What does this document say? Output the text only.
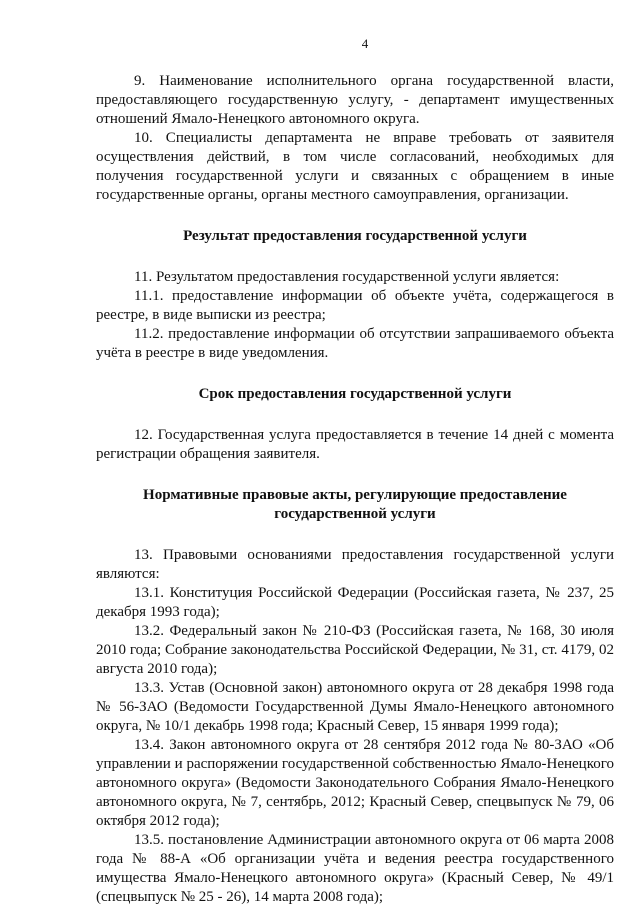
4

9. Наименование исполнительного органа государственной власти, предоставляющего государственную услугу, - департамент имущественных отношений Ямало-Ненецкого автономного округа.

10. Специалисты департамента не вправе требовать от заявителя осуществления действий, в том числе согласований, необходимых для получения государственной услуги и связанных с обращением в иные государственные органы, органы местного самоуправления, организации.

Результат предоставления государственной услуги

11. Результатом предоставления государственной услуги является:

11.1. предоставление информации об объекте учёта, содержащегося в реестре, в виде выписки из реестра;

11.2. предоставление информации об отсутствии запрашиваемого объекта учёта в реестре в виде уведомления.

Срок предоставления государственной услуги

12. Государственная услуга предоставляется в течение 14 дней с момента регистрации обращения заявителя.

Нормативные правовые акты, регулирующие предоставление
государственной услуги

13. Правовыми основаниями предоставления государственной услуги являются:

13.1. Конституция Российской Федерации (Российская газета, № 237, 25 декабря 1993 года);

13.2. Федеральный закон № 210-ФЗ (Российская газета, № 168, 30 июля 2010 года; Собрание законодательства Российской Федерации, № 31, ст. 4179, 02 августа 2010 года);

13.3. Устав (Основной закон) автономного округа от 28 декабря 1998 года № 56-ЗАО (Ведомости Государственной Думы Ямало-Ненецкого автономного округа, № 10/1 декабрь 1998 года; Красный Север, 15 января 1999 года);

13.4. Закон автономного округа от 28 сентября 2012 года № 80-ЗАО «Об управлении и распоряжении государственной собственностью Ямало-Ненецкого автономного округа» (Ведомости Законодательного Собрания Ямало-Ненецкого автономного округа, № 7, сентябрь, 2012; Красный Север, спецвыпуск № 79, 06 октября 2012 года);

13.5. постановление Администрации автономного округа от 06 марта 2008 года № 88-А «Об организации учёта и ведения реестра государственного имущества Ямало-Ненецкого автономного округа» (Красный Север, № 49/1 (спецвыпуск № 25 - 26), 14 марта 2008 года);
